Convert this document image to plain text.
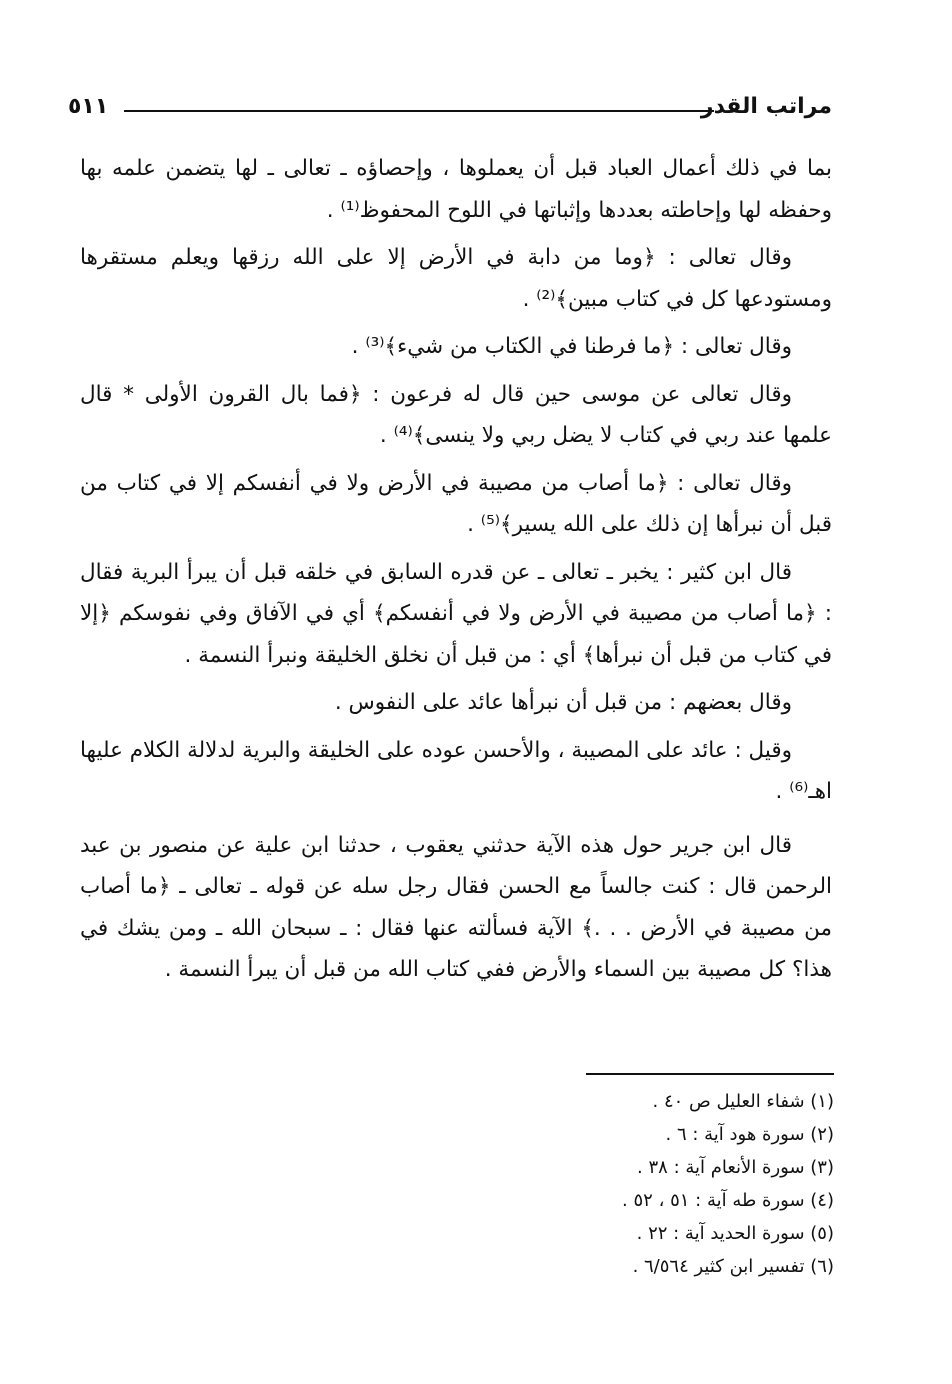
مراتب القدر
٥١١

بما في ذلك أعمال العباد قبل أن يعملوها ، وإحصاؤه ـ تعالى ـ لها يتضمن علمه بها وحفظه لها وإحاطته بعددها وإثباتها في اللوح المحفوظ⁽¹⁾ .

وقال تعالى : ﴿وما من دابة في الأرض إلا على الله رزقها ويعلم مستقرها ومستودعها كل في كتاب مبين﴾⁽²⁾ .

وقال تعالى : ﴿ما فرطنا في الكتاب من شيء﴾⁽³⁾ .

وقال تعالى عن موسى حين قال له فرعون : ﴿فما بال القرون الأولى * قال علمها عند ربي في كتاب لا يضل ربي ولا ينسى﴾⁽⁴⁾ .

وقال تعالى : ﴿ما أصاب من مصيبة في الأرض ولا في أنفسكم إلا في كتاب من قبل أن نبرأها إن ذلك على الله يسير﴾⁽⁵⁾ .

قال ابن كثير : يخبر ـ تعالى ـ عن قدره السابق في خلقه قبل أن يبرأ البرية فقال : ﴿ما أصاب من مصيبة في الأرض ولا في أنفسكم﴾ أي في الآفاق وفي نفوسكم ﴿إلا في كتاب من قبل أن نبرأها﴾ أي : من قبل أن نخلق الخليقة ونبرأ النسمة .

وقال بعضهم : من قبل أن نبرأها عائد على النفوس .

وقيل : عائد على المصيبة ، والأحسن عوده على الخليقة والبرية لدلالة الكلام عليها اهـ⁽⁶⁾ .

قال ابن جرير حول هذه الآية حدثني يعقوب ، حدثنا ابن علية عن منصور بن عبد الرحمن قال : كنت جالساً مع الحسن فقال رجل سله عن قوله ـ تعالى ـ ﴿ما أصاب من مصيبة في الأرض . . .﴾ الآية فسألته عنها فقال : ـ سبحان الله ـ ومن يشك في هذا؟ كل مصيبة بين السماء والأرض ففي كتاب الله من قبل أن يبرأ النسمة .

(١) شفاء العليل ص ٤٠ .
(٢) سورة هود آية : ٦ .
(٣) سورة الأنعام آية : ٣٨ .
(٤) سورة طه آية : ٥١ ، ٥٢ .
(٥) سورة الحديد آية : ٢٢ .
(٦) تفسير ابن كثير ٦/٥٦٤ .
